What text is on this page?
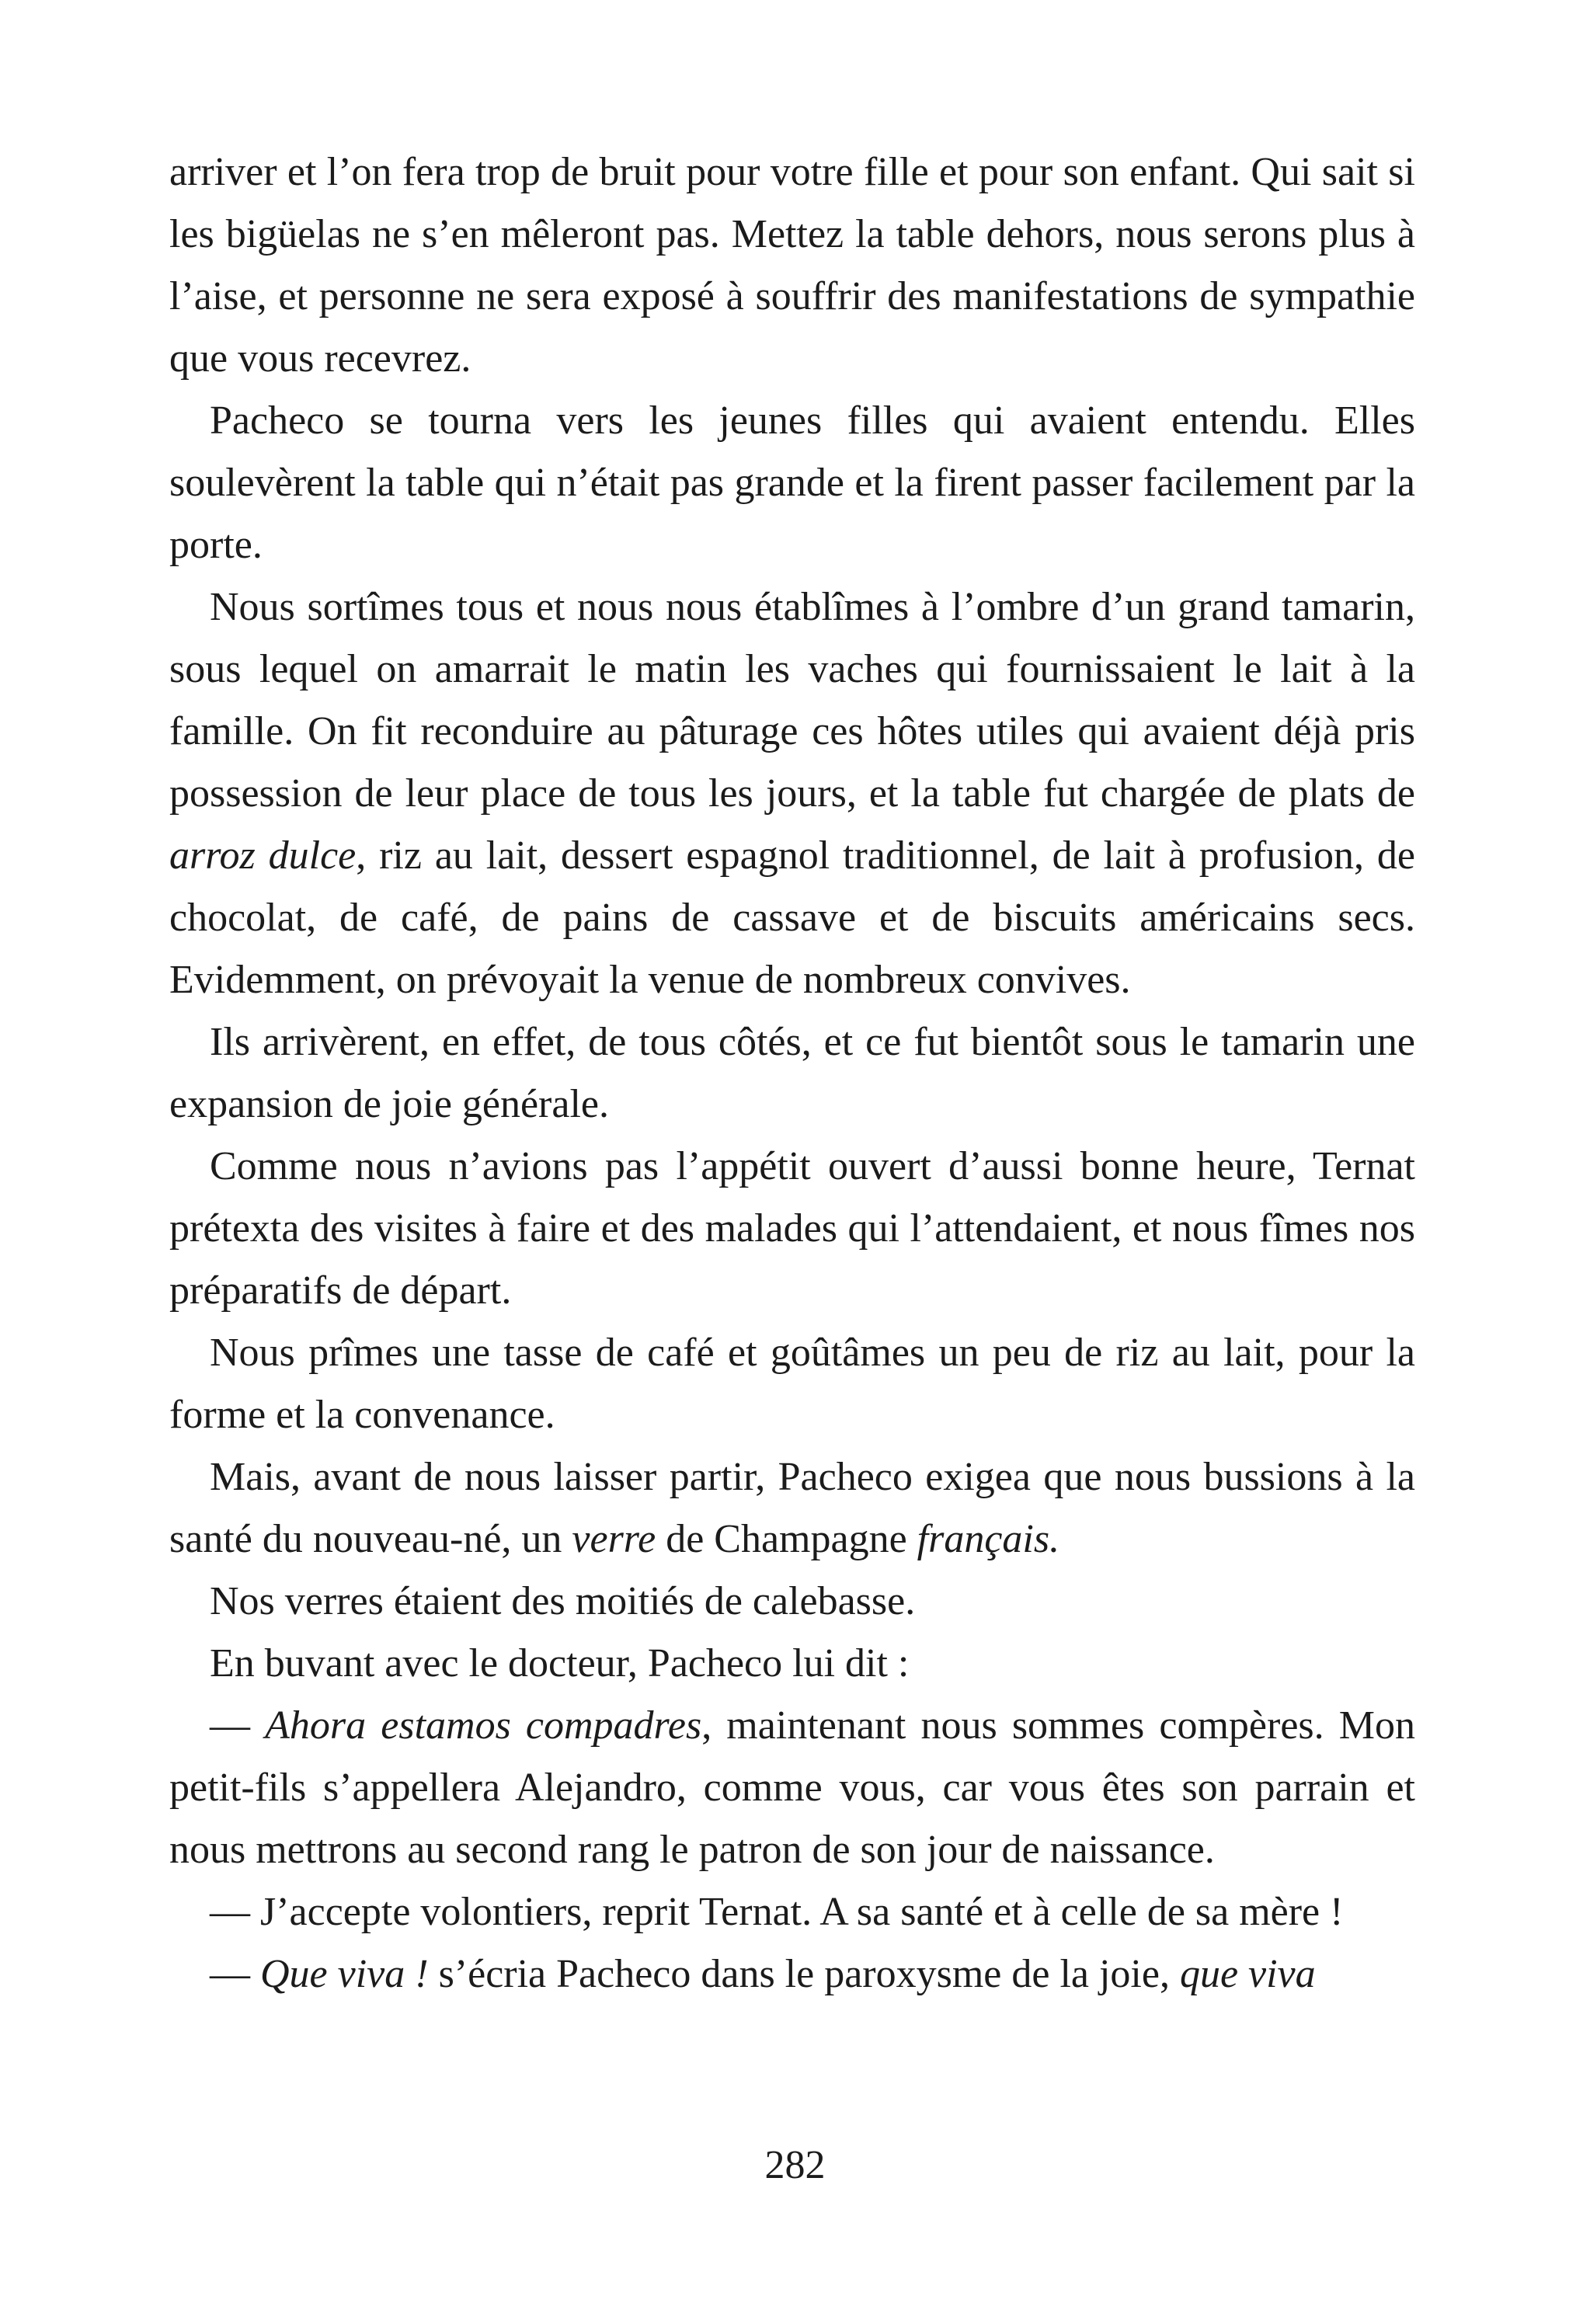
arriver et l’on fera trop de bruit pour votre fille et pour son enfant. Qui sait si les bigüelas ne s’en mêleront pas. Mettez la table dehors, nous serons plus à l’aise, et personne ne sera exposé à souffrir des manifestations de sympathie que vous recevrez.

Pacheco se tourna vers les jeunes filles qui avaient entendu. Elles soulevèrent la table qui n’était pas grande et la firent passer facilement par la porte.

Nous sortîmes tous et nous nous établîmes à l’ombre d’un grand tamarin, sous lequel on amarrait le matin les vaches qui fournissaient le lait à la famille. On fit reconduire au pâturage ces hôtes utiles qui avaient déjà pris possession de leur place de tous les jours, et la table fut chargée de plats de arroz dulce, riz au lait, dessert espagnol traditionnel, de lait à profusion, de chocolat, de café, de pains de cassave et de biscuits américains secs. Evidemment, on prévoyait la venue de nombreux convives.

Ils arrivèrent, en effet, de tous côtés, et ce fut bientôt sous le tamarin une expansion de joie générale.

Comme nous n’avions pas l’appétit ouvert d’aussi bonne heure, Ternat prétexta des visites à faire et des malades qui l’attendaient, et nous fîmes nos préparatifs de départ.

Nous prîmes une tasse de café et goûtâmes un peu de riz au lait, pour la forme et la convenance.

Mais, avant de nous laisser partir, Pacheco exigea que nous bussions à la santé du nouveau-né, un verre de Champagne français.

Nos verres étaient des moitiés de calebasse.

En buvant avec le docteur, Pacheco lui dit :

— Ahora estamos compadres, maintenant nous sommes compères. Mon petit-fils s’appellera Alejandro, comme vous, car vous êtes son parrain et nous mettrons au second rang le patron de son jour de naissance.

— J’accepte volontiers, reprit Ternat. A sa santé et à celle de sa mère !

— Que viva ! s’écria Pacheco dans le paroxysme de la joie, que viva

282
